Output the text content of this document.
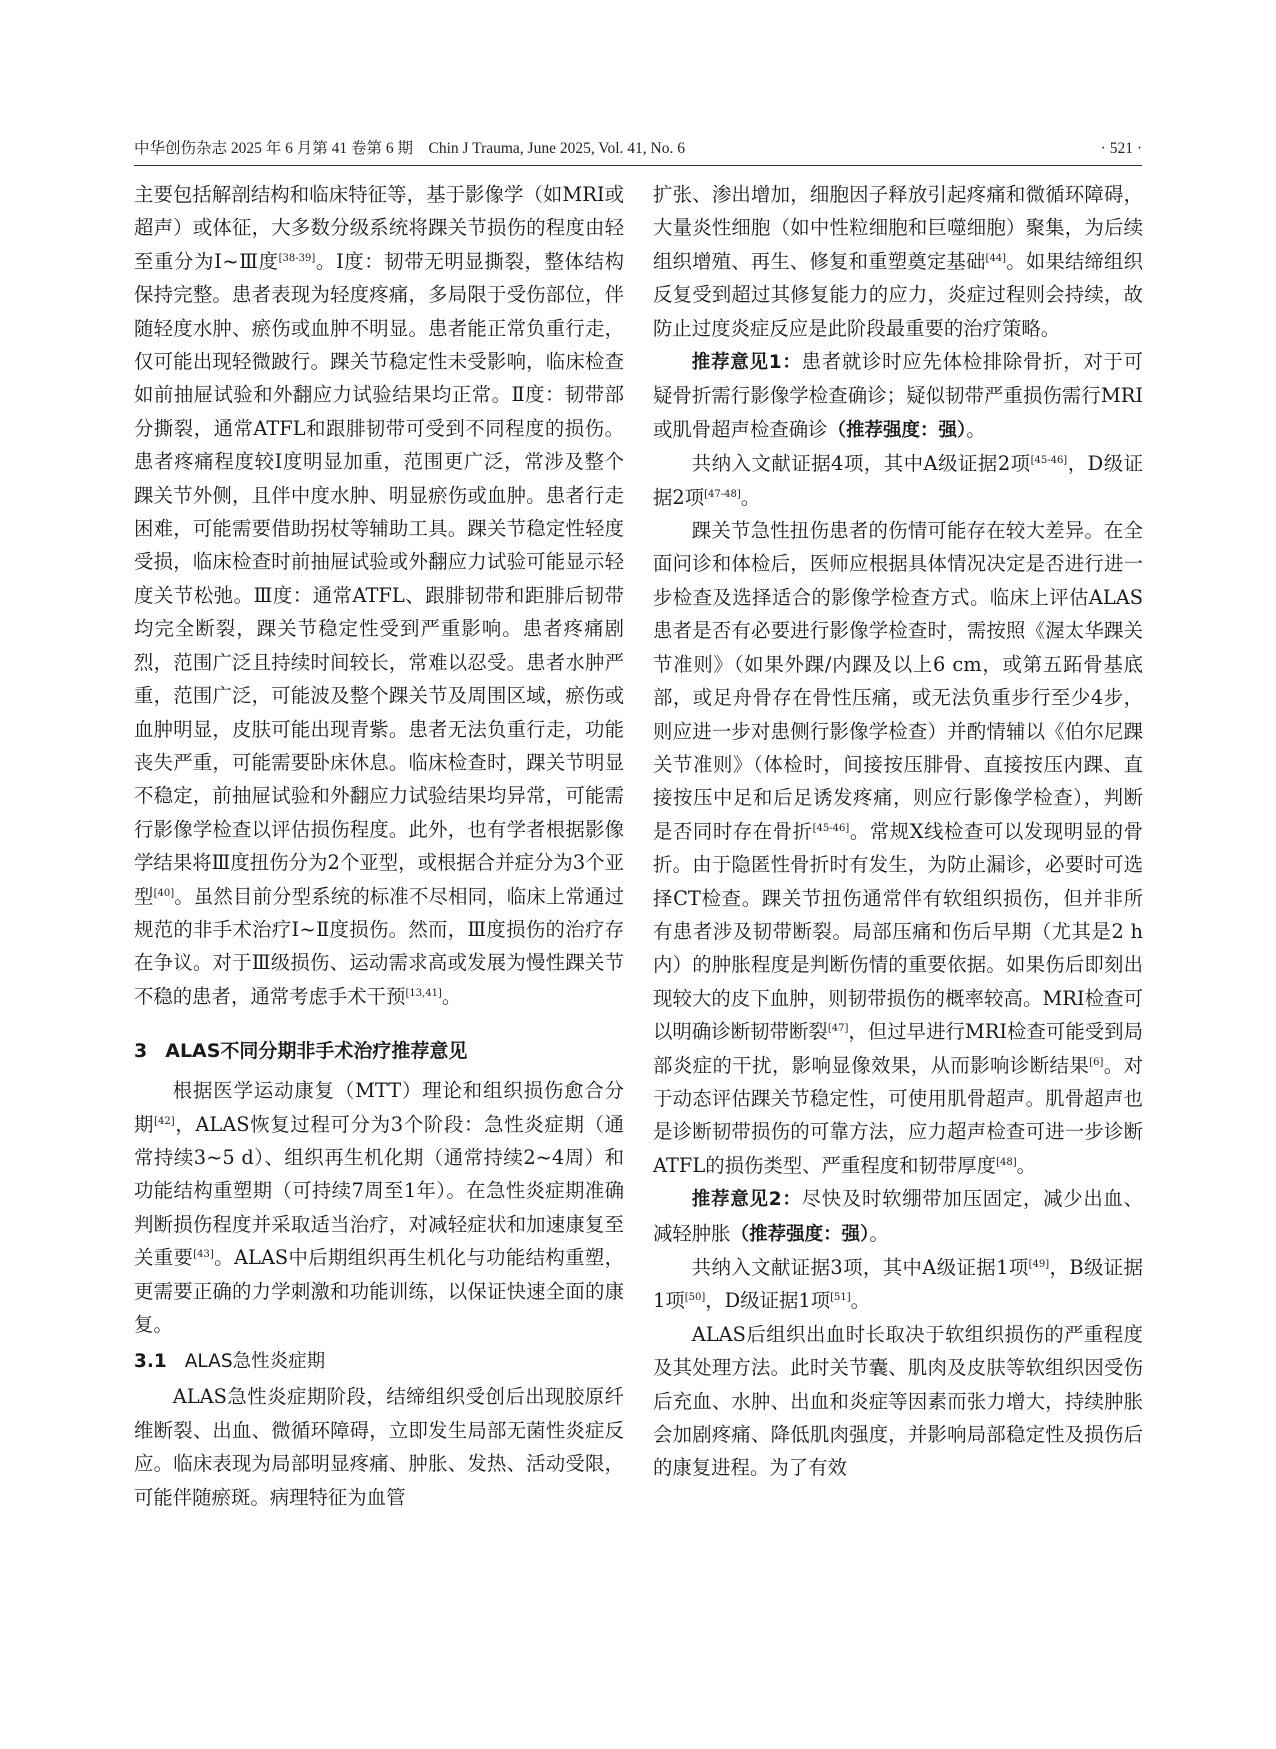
中华创伤杂志 2025 年 6 月第 41 卷第 6 期　Chin J Trauma, June 2025, Vol. 41, No. 6	· 521 ·

主要包括解剖结构和临床特征等，基于影像学（如MRI或超声）或体征，大多数分级系统将踝关节损伤的程度由轻至重分为Ⅰ~Ⅲ度[38-39]。Ⅰ度：韧带无明显撕裂，整体结构保持完整。患者表现为轻度疼痛，多局限于受伤部位，伴随轻度水肿、瘀伤或血肿不明显。患者能正常负重行走，仅可能出现轻微跛行。踝关节稳定性未受影响，临床检查如前抽屉试验和外翻应力试验结果均正常。Ⅱ度：韧带部分撕裂，通常ATFL和跟腓韧带可受到不同程度的损伤。患者疼痛程度较Ⅰ度明显加重，范围更广泛，常涉及整个踝关节外侧，且伴中度水肿、明显瘀伤或血肿。患者行走困难，可能需要借助拐杖等辅助工具。踝关节稳定性轻度受损，临床检查时前抽屉试验或外翻应力试验可能显示轻度关节松弛。Ⅲ度：通常ATFL、跟腓韧带和距腓后韧带均完全断裂，踝关节稳定性受到严重影响。患者疼痛剧烈，范围广泛且持续时间较长，常难以忍受。患者水肿严重，范围广泛，可能波及整个踝关节及周围区域，瘀伤或血肿明显，皮肤可能出现青紫。患者无法负重行走，功能丧失严重，可能需要卧床休息。临床检查时，踝关节明显不稳定，前抽屉试验和外翻应力试验结果均异常，可能需行影像学检查以评估损伤程度。此外，也有学者根据影像学结果将Ⅲ度扭伤分为2个亚型，或根据合并症分为3个亚型[40]。虽然目前分型系统的标准不尽相同，临床上常通过规范的非手术治疗Ⅰ~Ⅱ度损伤。然而，Ⅲ度损伤的治疗存在争议。对于Ⅲ级损伤、运动需求高或发展为慢性踝关节不稳的患者，通常考虑手术干预[13,41]。

3 ALAS不同分期非手术治疗推荐意见

根据医学运动康复（MTT）理论和组织损伤愈合分期[42]，ALAS恢复过程可分为3个阶段：急性炎症期（通常持续3~5 d）、组织再生机化期（通常持续2~4周）和功能结构重塑期（可持续7周至1年）。在急性炎症期准确判断损伤程度并采取适当治疗，对减轻症状和加速康复至关重要[43]。ALAS中后期组织再生机化与功能结构重塑，更需要正确的力学刺激和功能训练，以保证快速全面的康复。

3.1 ALAS急性炎症期

ALAS急性炎症期阶段，结缔组织受创后出现胶原纤维断裂、出血、微循环障碍，立即发生局部无菌性炎症反应。临床表现为局部明显疼痛、肿胀、发热、活动受限，可能伴随瘀斑。病理特征为血管

扩张、渗出增加，细胞因子释放引起疼痛和微循环障碍，大量炎性细胞（如中性粒细胞和巨噬细胞）聚集，为后续组织增殖、再生、修复和重塑奠定基础[44]。如果结缔组织反复受到超过其修复能力的应力，炎症过程则会持续，故防止过度炎症反应是此阶段最重要的治疗策略。

推荐意见1：患者就诊时应先体检排除骨折，对于可疑骨折需行影像学检查确诊；疑似韧带严重损伤需行MRI或肌骨超声检查确诊（推荐强度：强）。

共纳入文献证据4项，其中A级证据2项[45-46]，D级证据2项[47-48]。

踝关节急性扭伤患者的伤情可能存在较大差异。在全面问诊和体检后，医师应根据具体情况决定是否进行进一步检查及选择适合的影像学检查方式。临床上评估ALAS患者是否有必要进行影像学检查时，需按照《渥太华踝关节准则》（如果外踝/内踝及以上6 cm，或第五跖骨基底部，或足舟骨存在骨性压痛，或无法负重步行至少4步，则应进一步对患侧行影像学检查）并酌情辅以《伯尔尼踝关节准则》（体检时，间接按压腓骨、直接按压内踝、直接按压中足和后足诱发疼痛，则应行影像学检查），判断是否同时存在骨折[45-46]。常规X线检查可以发现明显的骨折。由于隐匿性骨折时有发生，为防止漏诊，必要时可选择CT检查。踝关节扭伤通常伴有软组织损伤，但并非所有患者涉及韧带断裂。局部压痛和伤后早期（尤其是2 h内）的肿胀程度是判断伤情的重要依据。如果伤后即刻出现较大的皮下血肿，则韧带损伤的概率较高。MRI检查可以明确诊断韧带断裂[47]，但过早进行MRI检查可能受到局部炎症的干扰，影响显像效果，从而影响诊断结果[6]。对于动态评估踝关节稳定性，可使用肌骨超声。肌骨超声也是诊断韧带损伤的可靠方法，应力超声检查可进一步诊断ATFL的损伤类型、严重程度和韧带厚度[48]。

推荐意见2：尽快及时软绷带加压固定，减少出血、减轻肿胀（推荐强度：强）。

共纳入文献证据3项，其中A级证据1项[49]，B级证据1项[50]，D级证据1项[51]。

ALAS后组织出血时长取决于软组织损伤的严重程度及其处理方法。此时关节囊、肌肉及皮肤等软组织因受伤后充血、水肿、出血和炎症等因素而张力增大，持续肿胀会加剧疼痛、降低肌肉强度，并影响局部稳定性及损伤后的康复进程。为了有效
